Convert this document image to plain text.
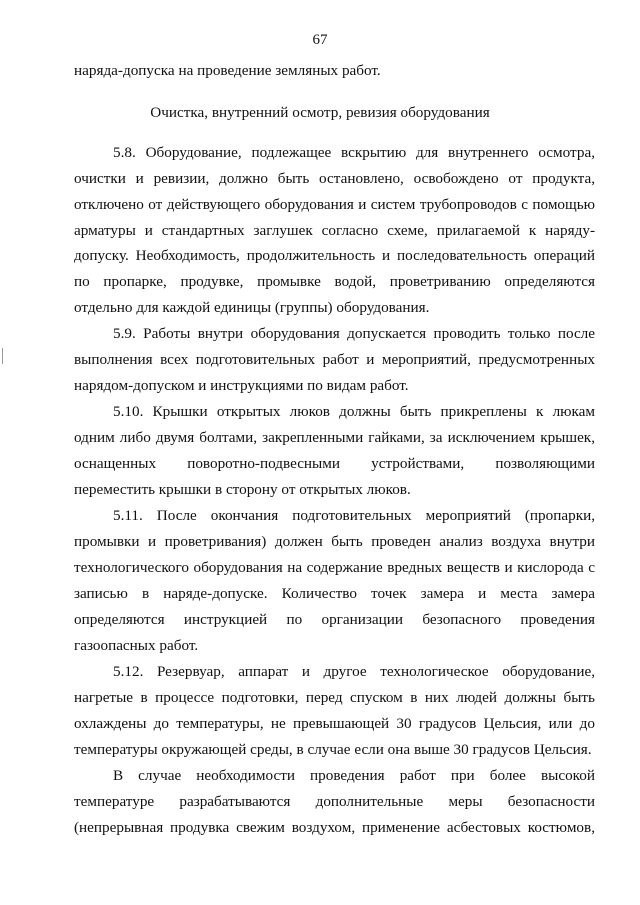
67
наряда-допуска на проведение земляных работ.
Очистка, внутренний осмотр, ревизия оборудования
5.8. Оборудование, подлежащее вскрытию для внутреннего осмотра,
очистки и ревизии, должно быть остановлено, освобождено от продукта,
отключено от действующего оборудования и систем трубопроводов с помощью
арматуры и стандартных заглушек согласно схеме, прилагаемой к наряду-
допуску. Необходимость, продолжительность и последовательность операций
по пропарке, продувке, промывке водой, проветриванию определяются
отдельно для каждой единицы (группы) оборудования.
5.9. Работы внутри оборудования допускается проводить только после
выполнения всех подготовительных работ и мероприятий, предусмотренных
нарядом-допуском и инструкциями по видам работ.
5.10. Крышки открытых люков должны быть прикреплены к люкам
одним либо двумя болтами, закрепленными гайками, за исключением крышек,
оснащенных поворотно-подвесными устройствами, позволяющими
переместить крышки в сторону от открытых люков.
5.11. После окончания подготовительных мероприятий (пропарки,
промывки и проветривания) должен быть проведен анализ воздуха внутри
технологического оборудования на содержание вредных веществ и кислорода с
записью в наряде-допуске. Количество точек замера и места замера
определяются инструкцией по организации безопасного проведения
газоопасных работ.
5.12. Резервуар, аппарат и другое технологическое оборудование,
нагретые в процессе подготовки, перед спуском в них людей должны быть
охлаждены до температуры, не превышающей 30 градусов Цельсия, или до
температуры окружающей среды, в случае если она выше 30 градусов Цельсия.
В случае необходимости проведения работ при более высокой
температуре разрабатываются дополнительные меры безопасности
(непрерывная продувка свежим воздухом, применение асбестовых костюмов,
